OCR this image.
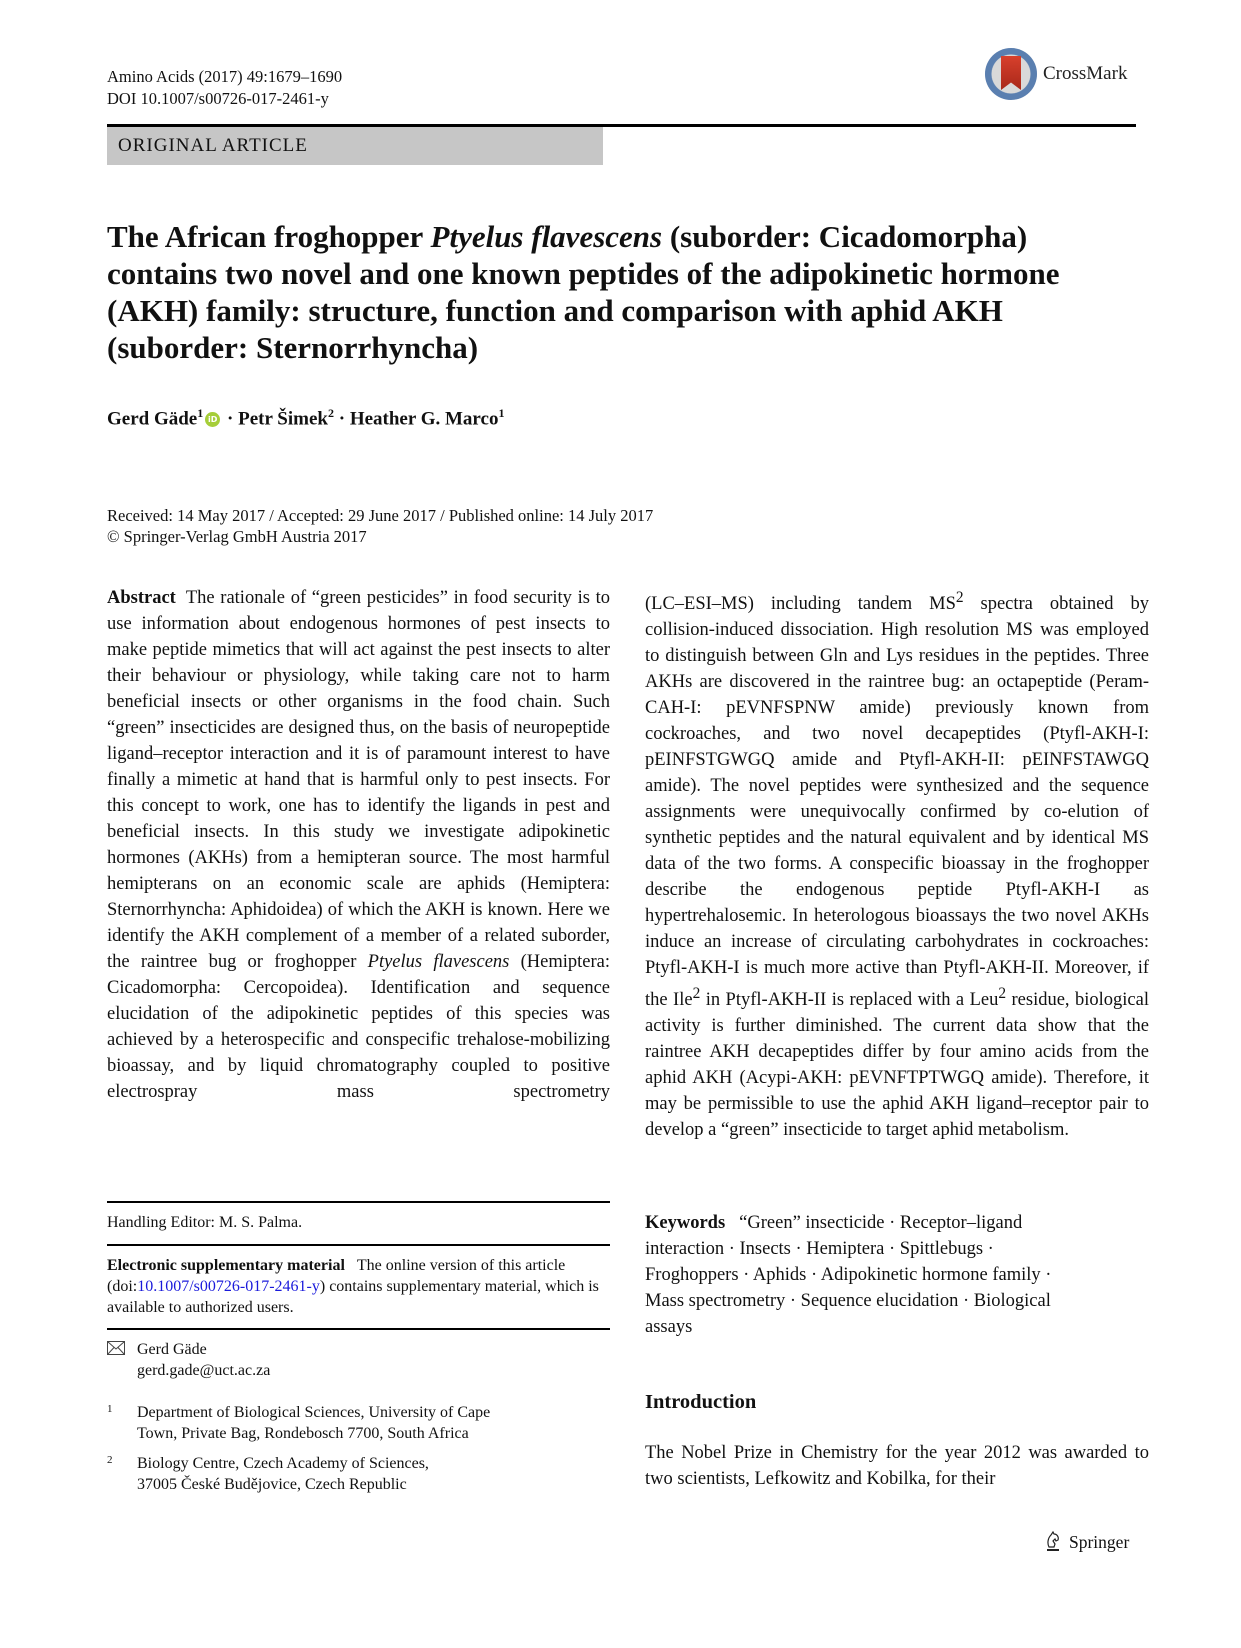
Amino Acids (2017) 49:1679–1690
DOI 10.1007/s00726-017-2461-y
CrossMark
ORIGINAL ARTICLE
The African froghopper Ptyelus flavescens (suborder: Cicadomorpha) contains two novel and one known peptides of the adipokinetic hormone (AKH) family: structure, function and comparison with aphid AKH (suborder: Sternorrhyncha)
Gerd Gäde$^1$ iD · Petr Šimek$^2$ · Heather G. Marco$^1$
Received: 14 May 2017 / Accepted: 29 June 2017 / Published online: 14 July 2017
© Springer-Verlag GmbH Austria 2017

Abstract The rationale of “green pesticides” in food security is to use information about endogenous hormones of pest insects to make peptide mimetics that will act against the pest insects to alter their behaviour or physiology, while taking care not to harm beneficial insects or other organisms in the food chain. Such “green” insecticides are designed thus, on the basis of neuropeptide ligand–receptor interaction and it is of paramount interest to have finally a mimetic at hand that is harmful only to pest insects. For this concept to work, one has to identify the ligands in pest and beneficial insects. In this study we investigate adipokinetic hormones (AKHs) from a hemipteran source. The most harmful hemipterans on an economic scale are aphids (Hemiptera: Sternorrhyncha: Aphidoidea) of which the AKH is known. Here we identify the AKH complement of a member of a related suborder, the raintree bug or froghopper Ptyelus flavescens (Hemiptera: Cicadomorpha: Cercopoidea). Identification and sequence elucidation of the adipokinetic peptides of this species was achieved by a heterospecific and conspecific trehalose-mobilizing bioassay, and by liquid chromatography coupled to positive electrospray mass spectrometry

(LC–ESI–MS) including tandem $MS^2$ spectra obtained by collision-induced dissociation. High resolution MS was employed to distinguish between Gln and Lys residues in the peptides. Three AKHs are discovered in the raintree bug: an octapeptide (Peram-CAH-I: pEVNFSPNW amide) previously known from cockroaches, and two novel decapeptides (Ptyfl-AKH-I: pEINFSTGWGQ amide and Ptyfl-AKH-II: pEINFSTAWGQ amide). The novel peptides were synthesized and the sequence assignments were unequivocally confirmed by co-elution of synthetic peptides and the natural equivalent and by identical MS data of the two forms. A conspecific bioassay in the froghopper describe the endogenous peptide Ptyfl-AKH-I as hypertrehalosemic. In heterologous bioassays the two novel AKHs induce an increase of circulating carbohydrates in cockroaches: Ptyfl-AKH-I is much more active than Ptyfl-AKH-II. Moreover, if the Ile$^2$ in Ptyfl-AKH-II is replaced with a Leu$^2$ residue, biological activity is further diminished. The current data show that the raintree AKH decapeptides differ by four amino acids from the aphid AKH (Acypi-AKH: pEVNFTPTWGQ amide). Therefore, it may be permissible to use the aphid AKH ligand–receptor pair to develop a “green” insecticide to target aphid metabolism.

Handling Editor: M. S. Palma.
Electronic supplementary material The online version of this article (doi:10.1007/s00726-017-2461-y) contains supplementary material, which is available to authorized users.
Gerd Gäde
gerd.gade@uct.ac.za
1 Department of Biological Sciences, University of Cape Town, Private Bag, Rondebosch 7700, South Africa
2 Biology Centre, Czech Academy of Sciences, 37005 České Budějovice, Czech Republic
Keywords “Green” insecticide · Receptor–ligand interaction · Insects · Hemiptera · Spittlebugs · Froghoppers · Aphids · Adipokinetic hormone family · Mass spectrometry · Sequence elucidation · Biological assays
Introduction
The Nobel Prize in Chemistry for the year 2012 was awarded to two scientists, Lefkowitz and Kobilka, for their
Springer
